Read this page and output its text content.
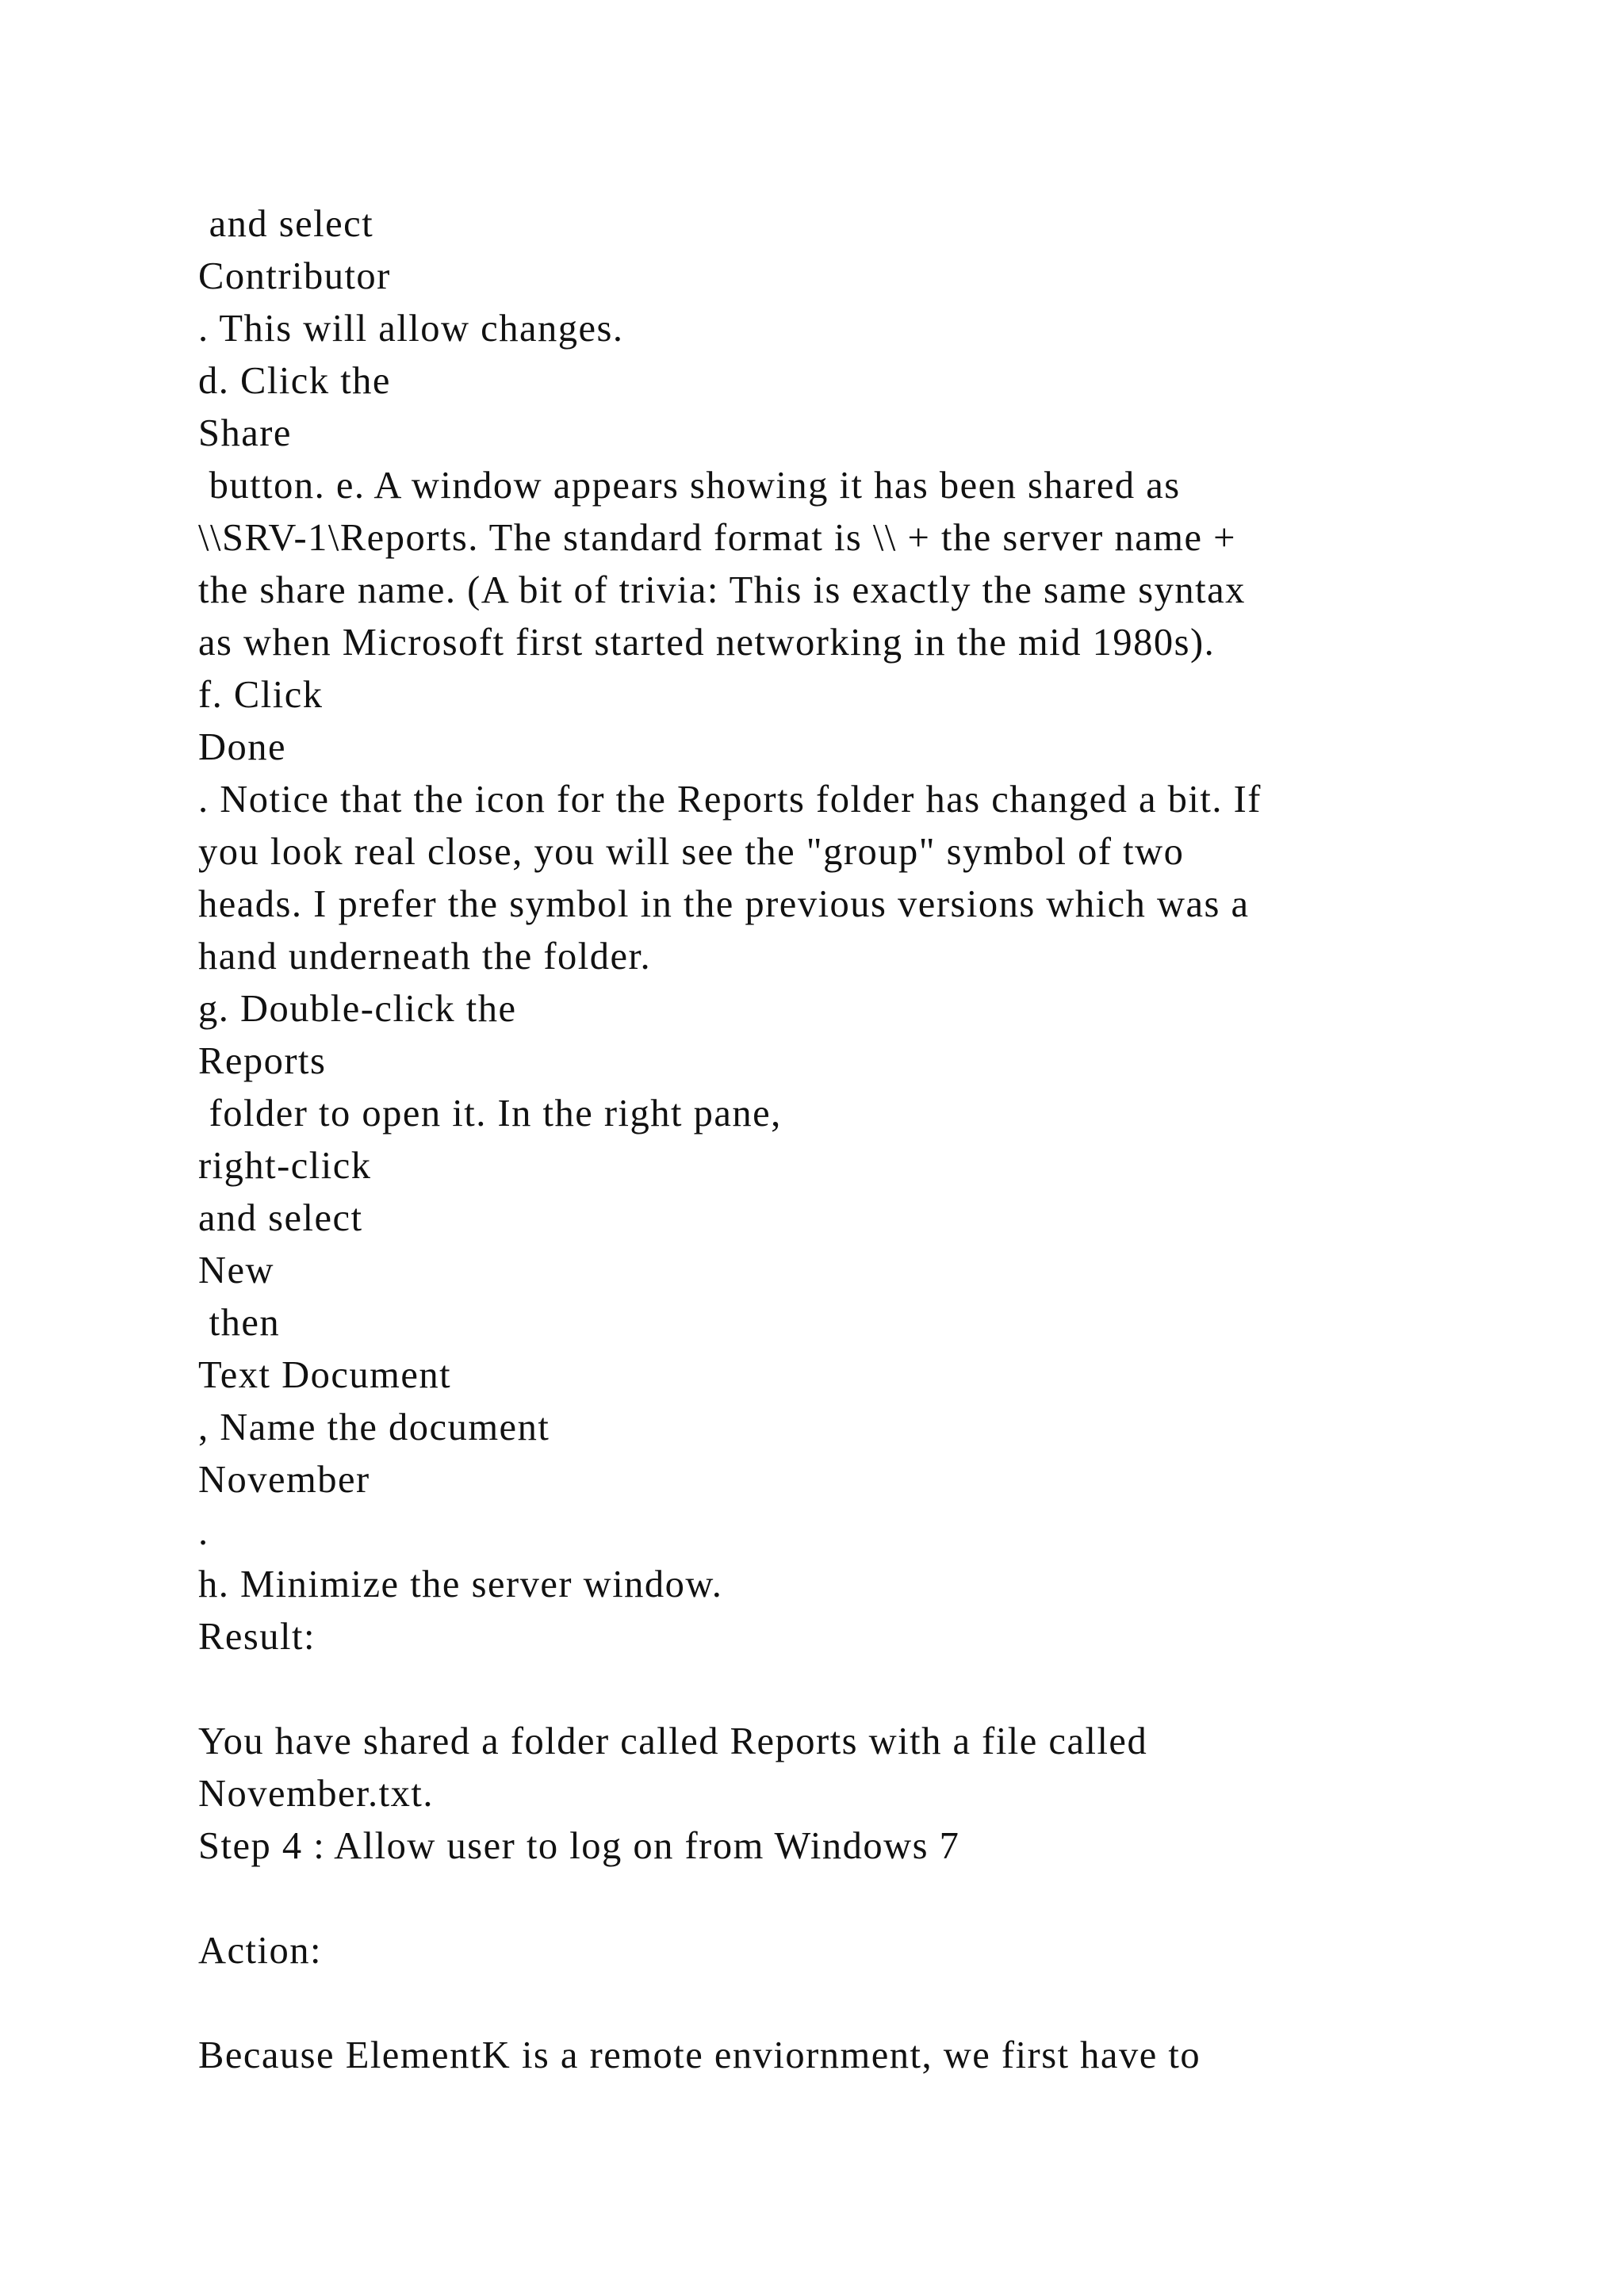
and select
Contributor
. This will allow changes.
d. Click the
Share
button. e. A window appears showing it has been shared as
\\SRV-1\Reports. The standard format is \\ + the server name +
the share name. (A bit of trivia: This is exactly the same syntax
as when Microsoft first started networking in the mid 1980s).
f. Click
Done
. Notice that the icon for the Reports folder has changed a bit. If
you look real close, you will see the "group" symbol of two
heads. I prefer the symbol in the previous versions which was a
hand underneath the folder.
g. Double-click the
Reports
folder to open it. In the right pane,
right-click
and select
New
then
Text Document
, Name the document
November
.
h. Minimize the server window.
Result:
You have shared a folder called Reports with a file called
November.txt.
Step 4 : Allow user to log on from Windows 7
Action:
Because ElementK is a remote enviornment, we first have to
